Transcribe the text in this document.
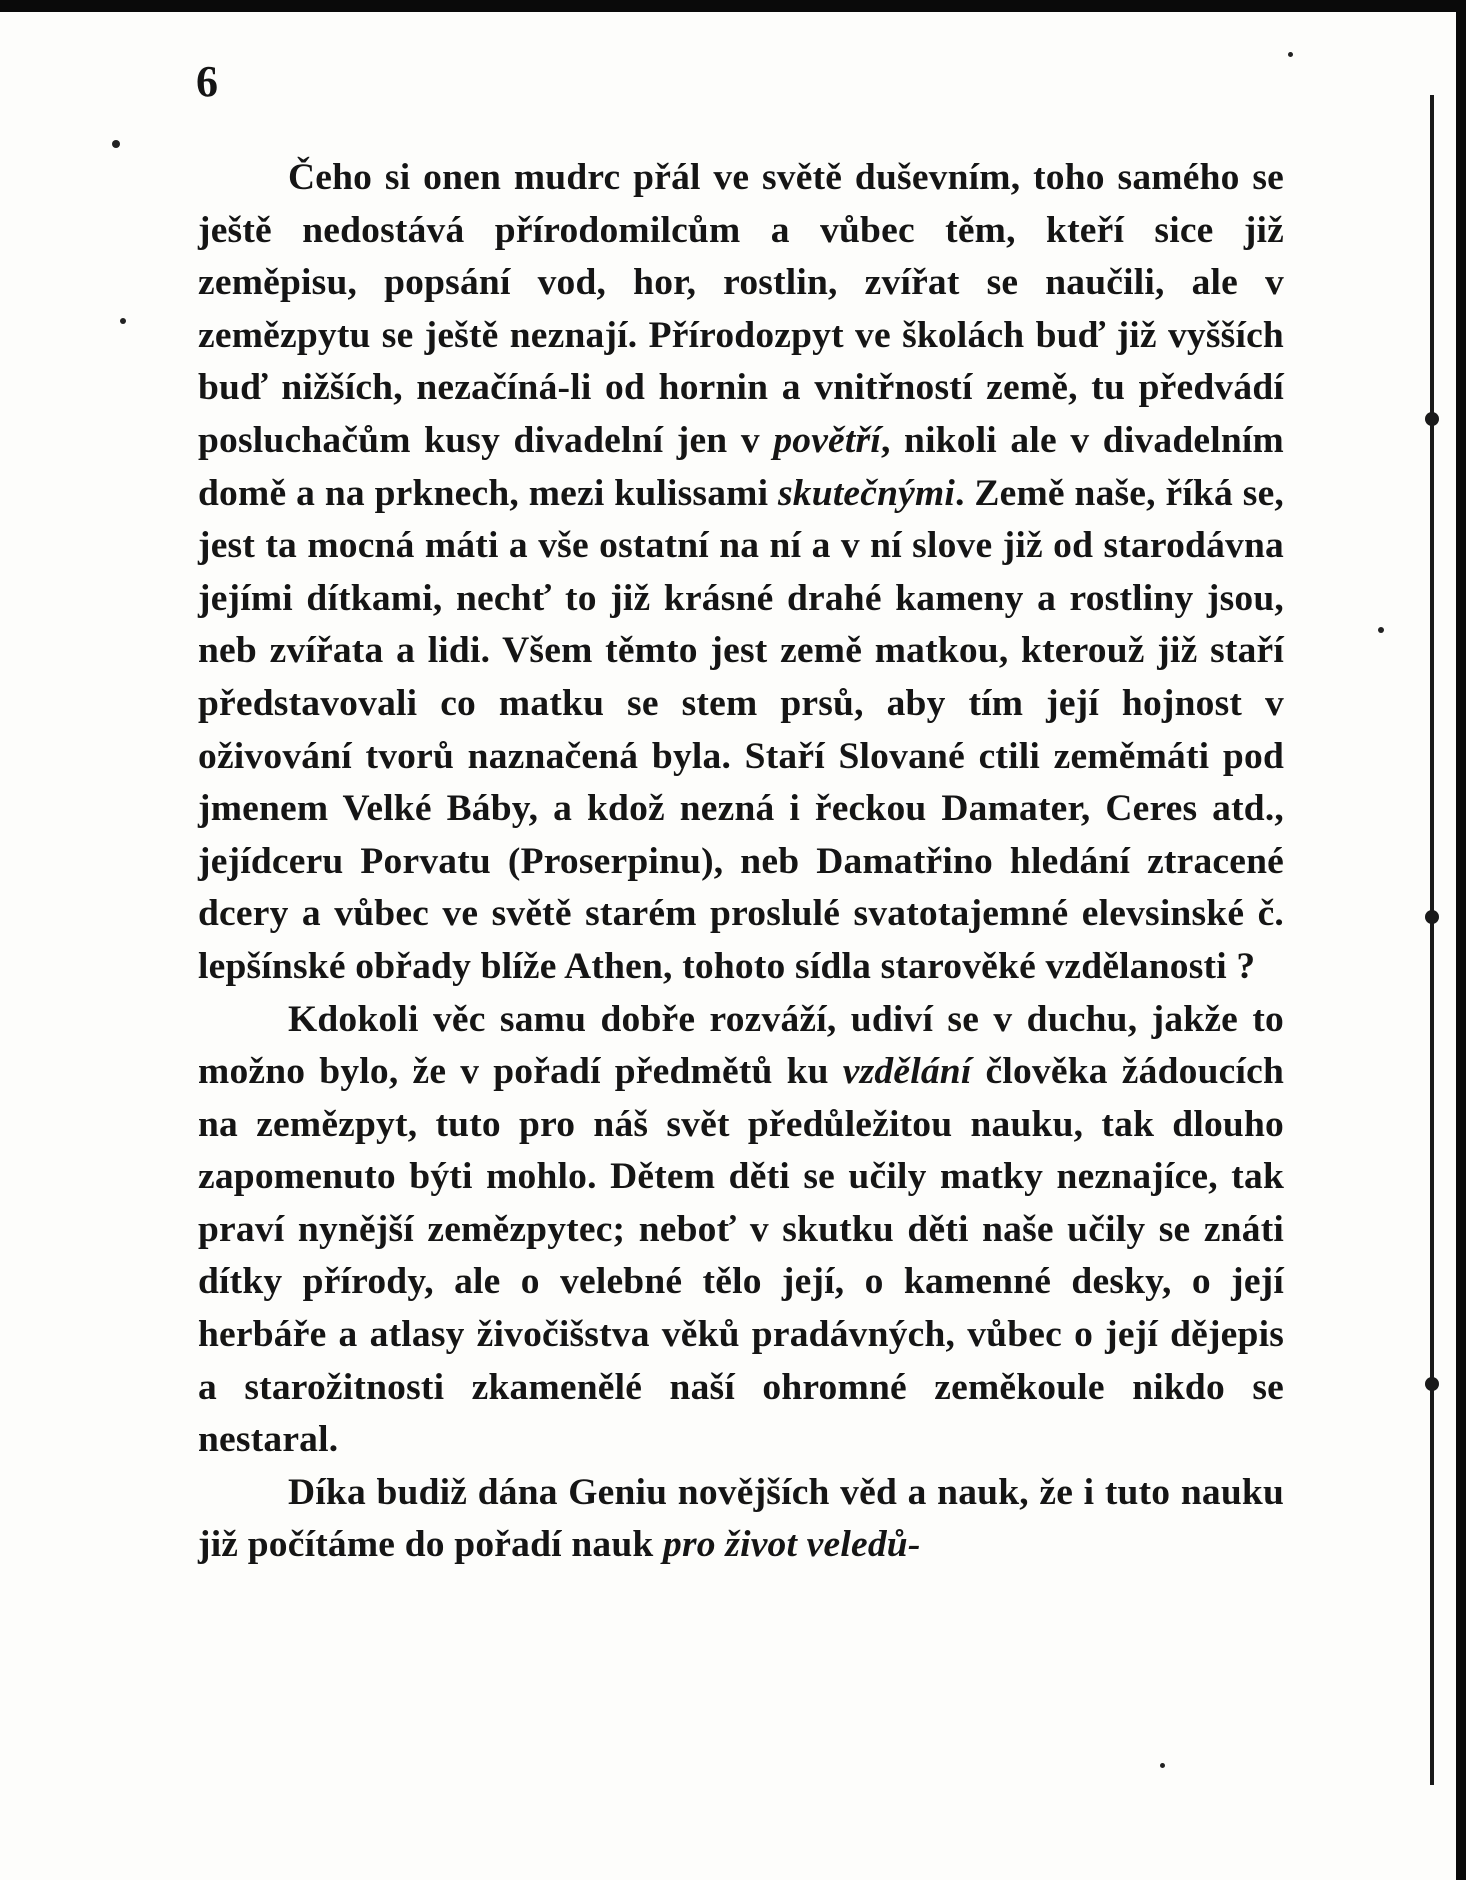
6

Čeho si onen mudrc přál ve světě duševním, toho samého se ještě nedostává přírodomilcům a vůbec těm, kteří sice již zeměpisu, popsání vod, hor, rostlin, zvířat se naučili, ale v zemězpytu se ještě neznají. Přírodozpyt ve školách buď již vyšších buď nižších, nezačíná-li od hornin a vnitřností země, tu předvádí posluchačům kusy divadelní jen v povětří, nikoli ale v divadelním domě a na prknech, mezi kulissami skutečnými. Země naše, říká se, jest ta mocná máti a vše ostatní na ní a v ní slove již od starodávna jejími dítkami, nechť to již krásné drahé kameny a rostliny jsou, neb zvířata a lidi. Všem těmto jest země matkou, kterouž již staří představovali co matku se stem prsů, aby tím její hojnost v oživování tvorů naznačená byla. Staří Slované ctili zeměmáti pod jmenem Velké Báby, a kdož nezná i řeckou Damater, Ceres atd., jejídceru Porvatu (Proserpinu), neb Damatřino hledání ztracené dcery a vůbec ve světě starém proslulé svatotajemné elevsinské č. lepšínské obřady blíže Athen, tohoto sídla starověké vzdělanosti ?

Kdokoli věc samu dobře rozváží, udiví se v duchu, jakže to možno bylo, že v pořadí předmětů ku vzdělání člověka žádoucích na zemězpyt, tuto pro náš svět předůležitou nauku, tak dlouho zapomenuto býti mohlo. Dětem děti se učily matky neznajíce, tak praví nynější zemězpytec; neboť v skutku děti naše učily se znáti dítky přírody, ale o velebné tělo její, o kamenné desky, o její herbáře a atlasy živočišstva věků pradávných, vůbec o její dějepis a starožitnosti zkamenělé naší ohromné zeměkoule nikdo se nestaral.

Díka budiž dána Geniu novějších věd a nauk, že i tuto nauku již počítáme do pořadí nauk pro život veledů-
